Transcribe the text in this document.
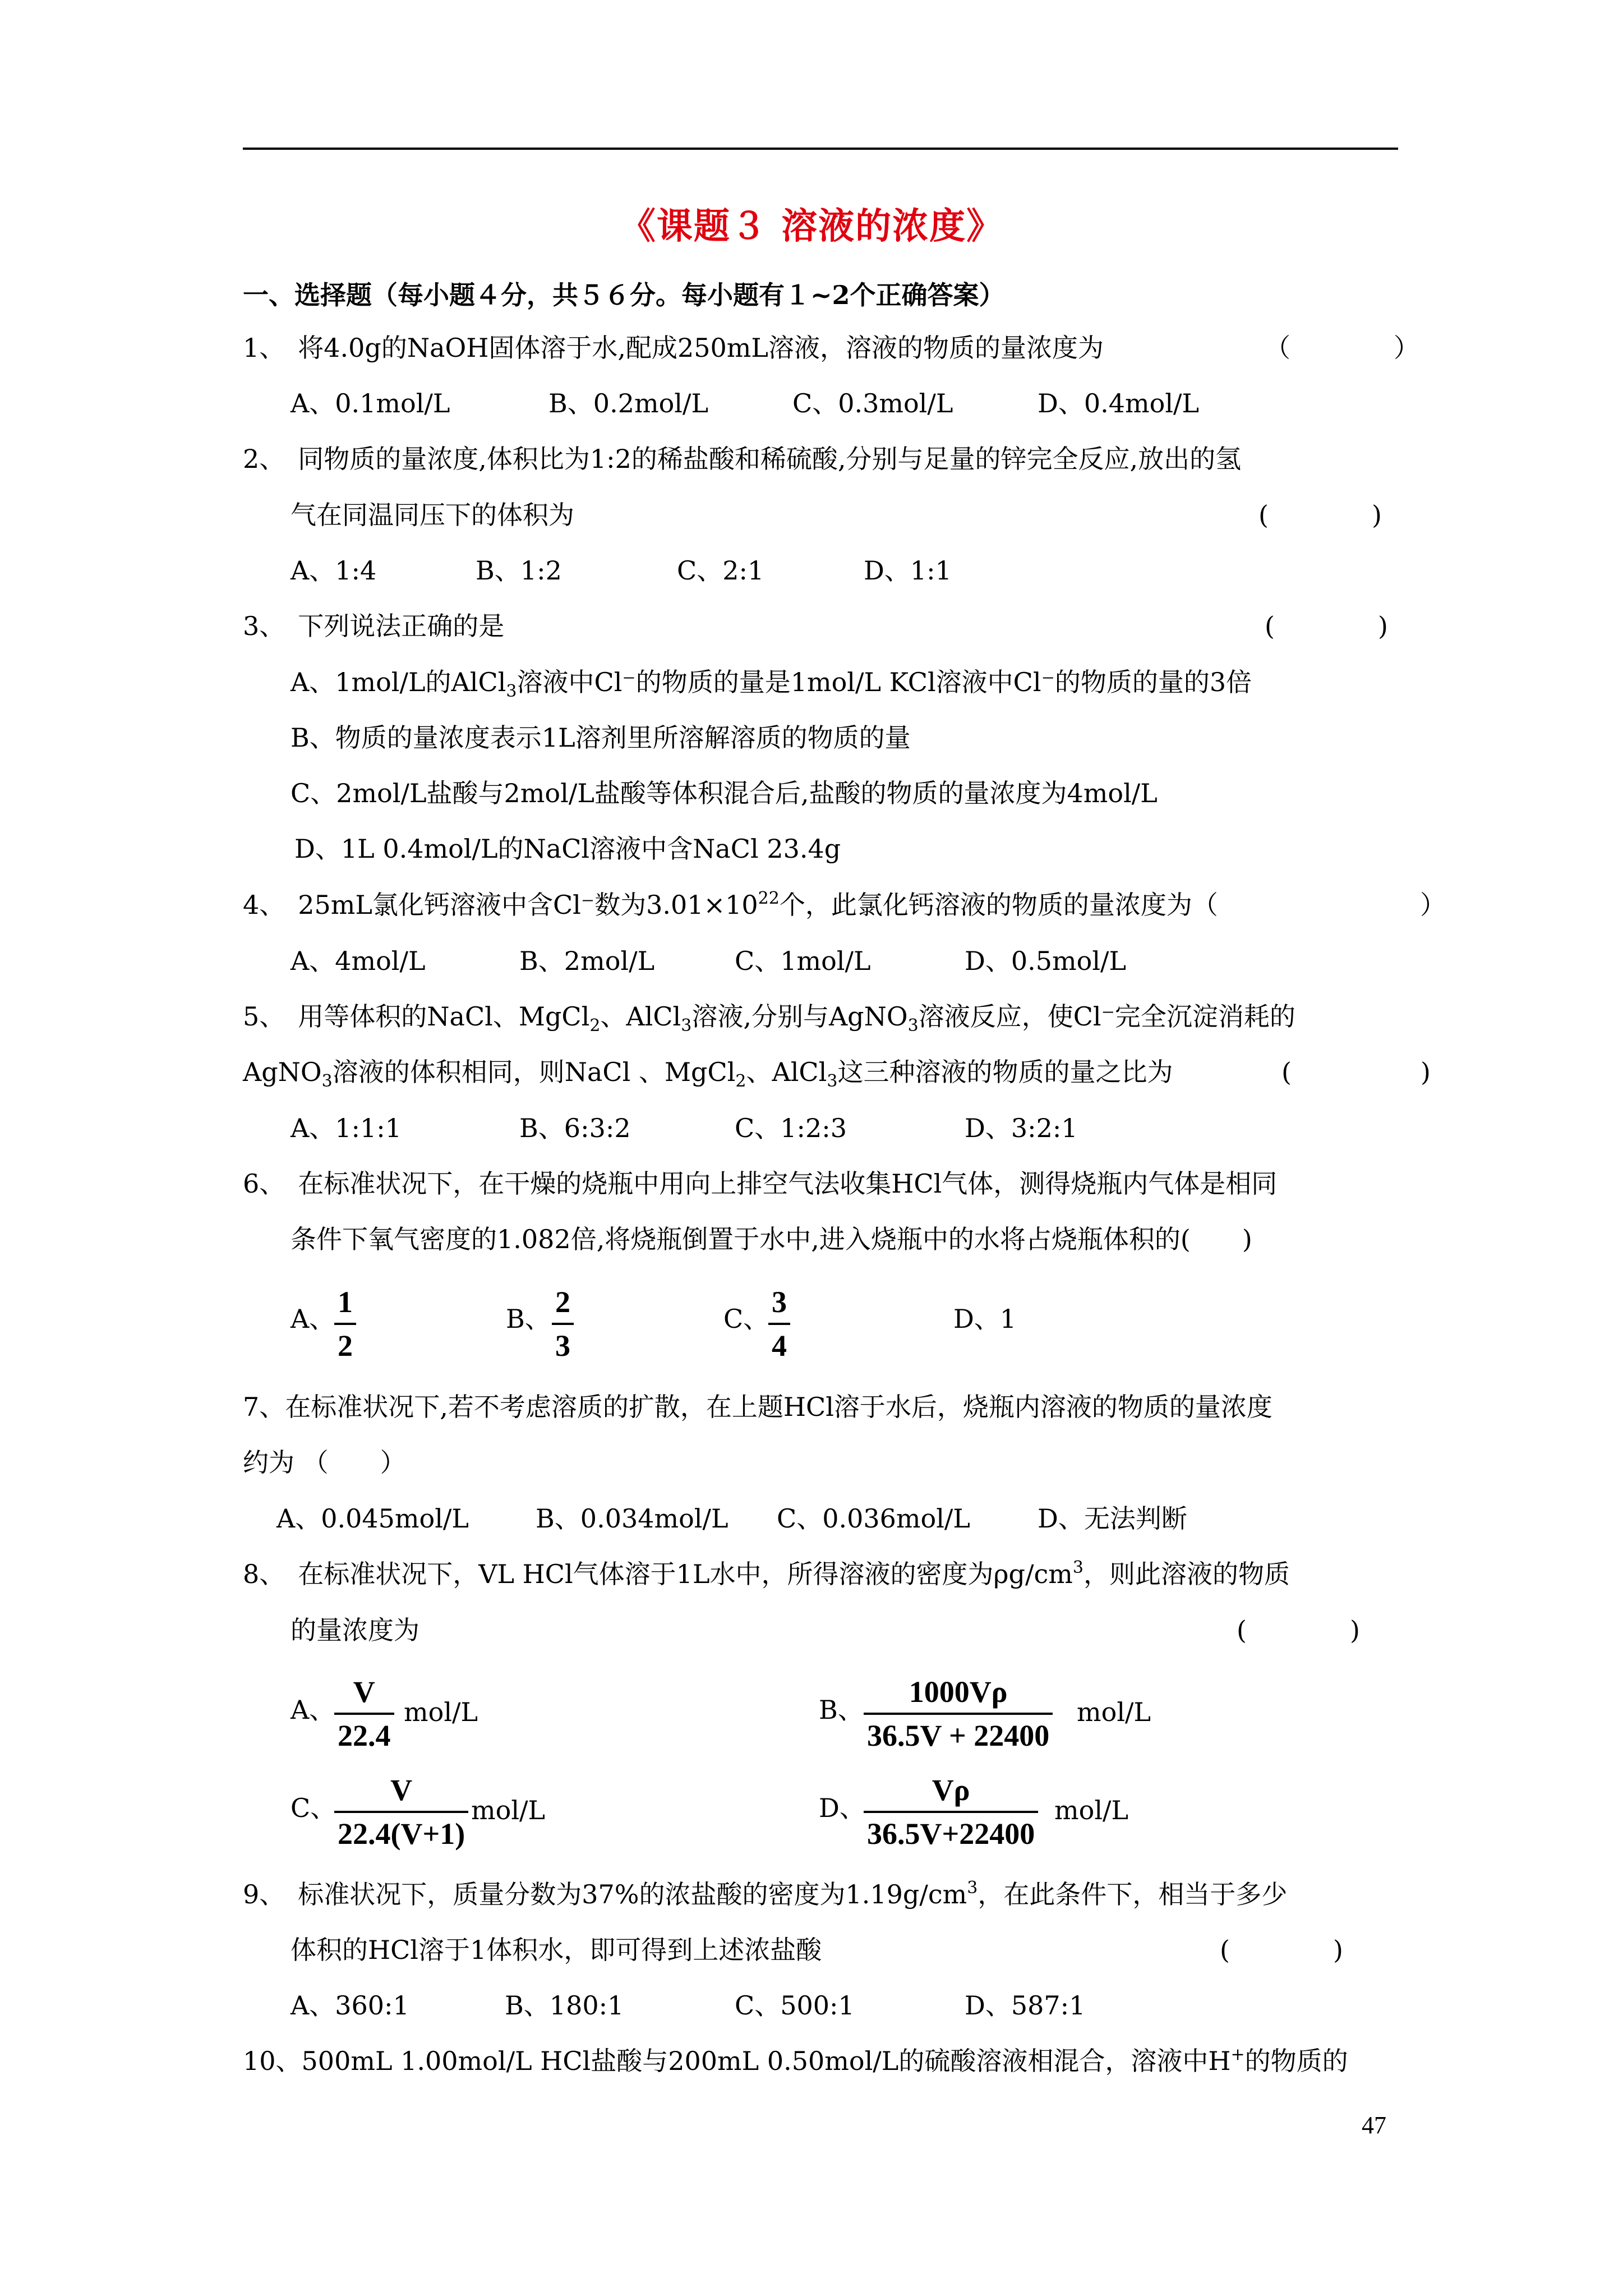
《课题３ 溶液的浓度》
一、选择题（每小题４分，共５６分。每小题有１~2个正确答案）
1、　将4.0g的NaOH固体溶于水,配成250mL溶液，溶液的物质的量浓度为	（　　　　）
A、0.1mol/L	B、0.2mol/L	C、0.3mol/L	D、0.4mol/L
2、　同物质的量浓度,体积比为1:2的稀盐酸和稀硫酸,分别与足量的锌完全反应,放出的氢
气在同温同压下的体积为	(　　　　)
A、1:4	B、1:2	C、2:1	D、1:1
3、　下列说法正确的是	(　　　　)
A、1mol/L的AlCl$_3$溶液中Cl⁻的物质的量是1mol/L KCl溶液中Cl⁻的物质的量的3倍
B、物质的量浓度表示1L溶剂里所溶解溶质的物质的量
C、2mol/L盐酸与2mol/L盐酸等体积混合后,盐酸的物质的量浓度为4mol/L
D、1L 0.4mol/L的NaCl溶液中含NaCl 23.4g
4、　25mL氯化钙溶液中含Cl⁻数为$3.01\times 10^{22}$个，此氯化钙溶液的物质的量浓度为（	）
A、4mol/L	B、2mol/L	C、1mol/L	D、0.5mol/L
5、　用等体积的NaCl、MgCl$_2$、AlCl$_3$溶液,分别与AgNO$_3$溶液反应，使Cl⁻完全沉淀消耗的
AgNO$_3$溶液的体积相同，则NaCl 、MgCl$_2$、AlCl$_3$这三种溶液的物质的量之比为	(　　　　　)
A、1:1:1	B、6:3:2	C、1:2:3	D、3:2:1
6、　在标准状况下，在干燥的烧瓶中用向上排空气法收集HCl气体，测得烧瓶内气体是相同
条件下氧气密度的1.082倍,将烧瓶倒置于水中,进入烧瓶中的水将占烧瓶体积的(　　)
A、 1
2
B、 2
3
C、 3
4
D、1
7、在标准状况下,若不考虑溶质的扩散，在上题HCl溶于水后，烧瓶内溶液的物质的量浓度
约为 （　　）
A、0.045mol/L	B、0.034mol/L C、0.036mol/L	D、无法判断
8、　在标准状况下，VL HCl气体溶于1L水中，所得溶液的密度为$\rho g/cm^3$，则此溶液的物质
的量浓度为	(　　　　)
A、
V
22.4
mol/L	B、
1000Vρ
36.5V + 22400
mol/L
C、
V
22.4(V+1)
mol/L	D、
Vρ
36.5V+22400
mol/L
9、　标准状况下，质量分数为37%的浓盐酸的密度为$1.19g/cm^3$，在此条件下，相当于多少
体积的HCl溶于1体积水，即可得到上述浓盐酸	(　　　　)
A、360:1	B、180:1	C、500:1	D、587:1
10、500mL 1.00mol/L HCl盐酸与200mL 0.50mol/L的硫酸溶液相混合，溶液中H+的物质的
47
